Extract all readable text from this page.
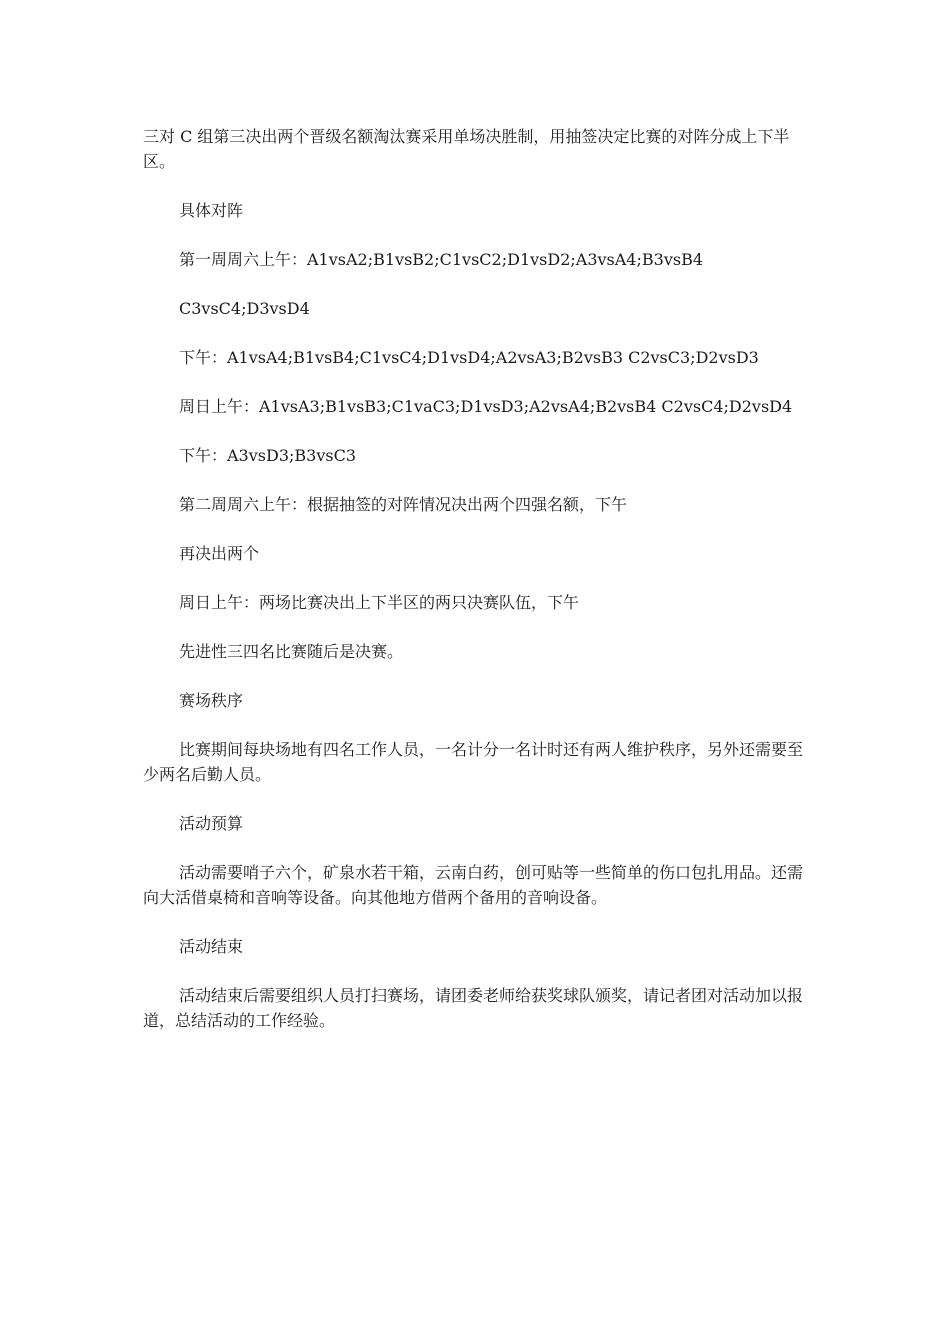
三对 C 组第三决出两个晋级名额淘汰赛采用单场决胜制，用抽签决定比赛的对阵分成上下半区。

具体对阵

第一周周六上午：A1vsA2;B1vsB2;C1vsC2;D1vsD2;A3vsA4;B3vsB4

C3vsC4;D3vsD4

下午：A1vsA4;B1vsB4;C1vsC4;D1vsD4;A2vsA3;B2vsB3 C2vsC3;D2vsD3

周日上午：A1vsA3;B1vsB3;C1vaC3;D1vsD3;A2vsA4;B2vsB4 C2vsC4;D2vsD4

下午：A3vsD3;B3vsC3

第二周周六上午：根据抽签的对阵情况决出两个四强名额，下午

再决出两个

周日上午：两场比赛决出上下半区的两只决赛队伍，下午

先进性三四名比赛随后是决赛。

赛场秩序

比赛期间每块场地有四名工作人员，一名计分一名计时还有两人维护秩序，另外还需要至少两名后勤人员。

活动预算

活动需要哨子六个，矿泉水若干箱，云南白药，创可贴等一些简单的伤口包扎用品。还需向大活借桌椅和音响等设备。向其他地方借两个备用的音响设备。

活动结束

活动结束后需要组织人员打扫赛场，请团委老师给获奖球队颁奖，请记者团对活动加以报道，总结活动的工作经验。
